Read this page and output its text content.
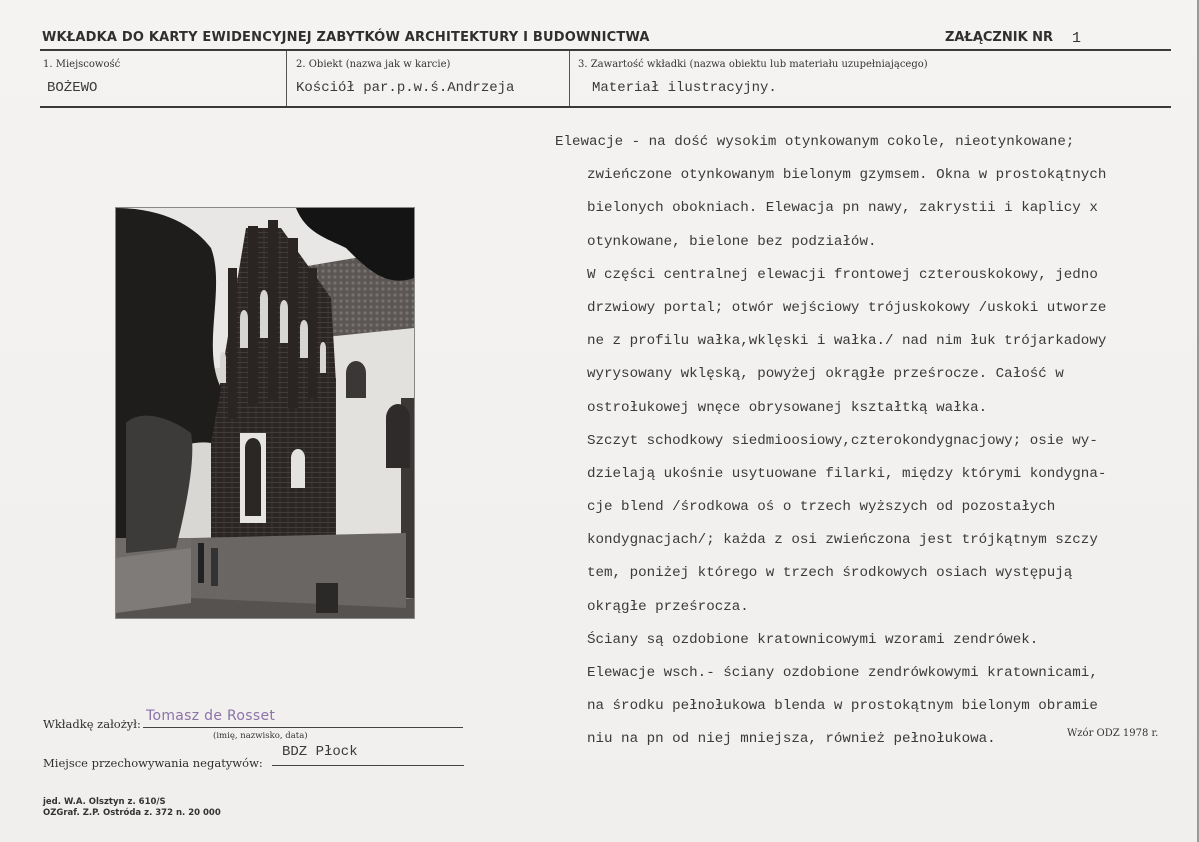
WKŁADKA DO KARTY EWIDENCYJNEJ ZABYTKÓW ARCHITEKTURY I BUDOWNICTWA	ZAŁĄCZNIK NR 1
1. Miejscowość
BOŻEWO
2. Obiekt (nazwa jak w karcie)
Kościół par.p.w.ś.Andrzeja
3. Zawartość wkładki (nazwa obiektu lub materiału uzupełniającego)
Materiał ilustracyjny.
Elewacje - na dość wysokim otynkowanym cokole, nieotynkowane;
zwieńczone otynkowanym bielonym gzymsem. Okna w prostokątnych
bielonych obokniach. Elewacja pn nawy, zakrystii i kaplicy x
otynkowane, bielone bez podziałów.
W części centralnej elewacji frontowej czterouskokowy, jedno
drzwiowy portal; otwór wejściowy trójuskokowy /uskoki utworze
ne z profilu wałka,wklęski i wałka./ nad nim łuk trójarkadowy
wyrysowany wklęską, powyżej okrągłe prześrocze. Całość w
ostrołukowej wnęce obrysowanej kształtką wałka.
Szczyt schodkowy siedmioosiowy,czterokondygnacjowy; osie wy-
dzielają ukośnie usytuowane filarki, między którymi kondygna-
cje blend /środkowa oś o trzech wyższych od pozostałych
kondygnacjach/; każda z osi zwieńczona jest trójkątnym szczy
tem, poniżej którego w trzech środkowych osiach występują
okrągłe prześrocza.
Ściany są ozdobione kratownicowymi wzorami zendrówek.
Elewacje wsch.- ściany ozdobione zendrówkowymi kratownicami,
na środku pełnołukowa blenda w prostokątnym bielonym obramie
niu na pn od niej mniejsza, również pełnołukowa.
Wkładkę założył: Tomasz de Rosset
(imię, nazwisko, data)
Miejsce przechowywania negatywów:
BDZ Płock
Wzór ODZ 1978 r.
jed. W.A. Olsztyn z. 610/S
OZGraf. Z.P. Ostróda z. 372 n. 20 000
